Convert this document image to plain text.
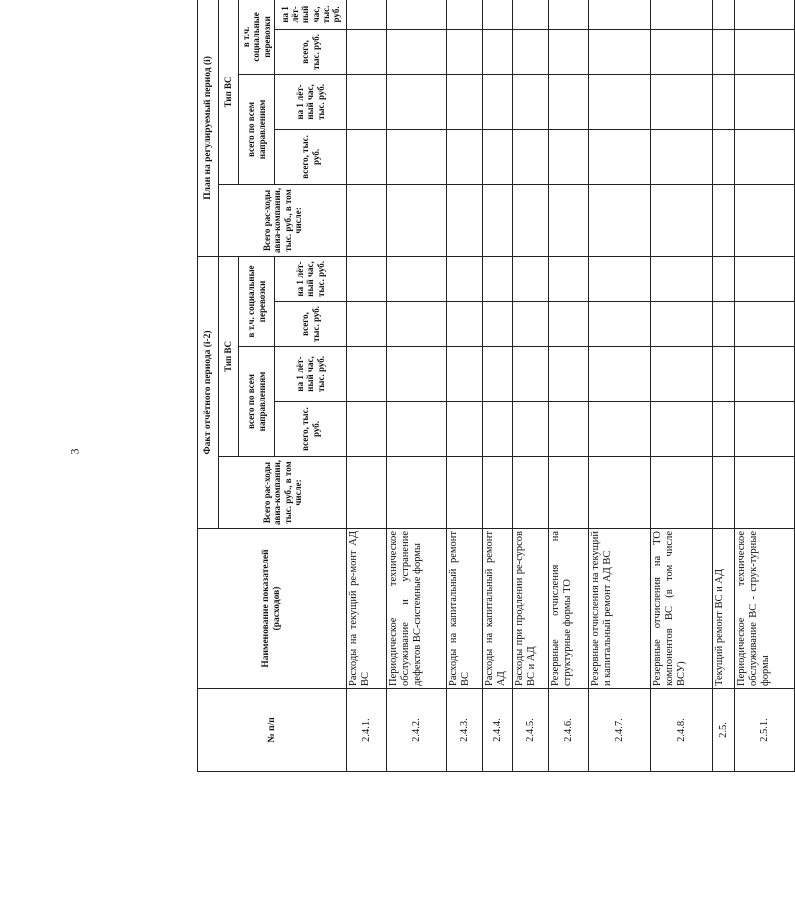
3
№ п/п	Наименование показателей (расходов)	Факт отчётного периода (i-2)					План на регулируемый период (i)				
		Всего рас-ходы авиа-компании, тыс. руб., в том числе:	Тип ВС				Всего рас-ходы авиа-компании, тыс. руб., в том числе:	Тип ВС			
			всего по всем направлениям		в т.ч. социальные перевозки			всего по всем направлениям		в т.ч. социальные перевозки	
			всего, тыс. руб.	на 1 лёт-ный час, тыс. руб.	всего, тыс. руб.	на 1 лёт-ный час, тыс. руб.		всего, тыс. руб.	на 1 лёт-ный час, тыс. руб.	всего, тыс. руб.	на 1 лёт-ный час, тыс. руб.
2.4.1.	Расходы на текущий ре-монт АД ВС										
2.4.2.	Периодическое техническое обслуживание и устранение дефектов ВС-системные формы										
2.4.3.	Расходы на капитальный ремонт ВС										
2.4.4.	Расходы на капитальный ремонт АД										
2.4.5.	Расходы при продлении ре-сурсов ВС и АД										
2.4.6.	Резервные отчисления на структурные формы ТО										
2.4.7.	Резервные отчисления на текущий и капитальный ремонт АД ВС										
2.4.8.	Резервные отчисления на ТО компонентов ВС (в том числе ВСУ)										
2.5.	Текущий ремонт ВС и АД										
2.5.1.	Периодическое техническое обслуживание ВС - струк-турные формы										
